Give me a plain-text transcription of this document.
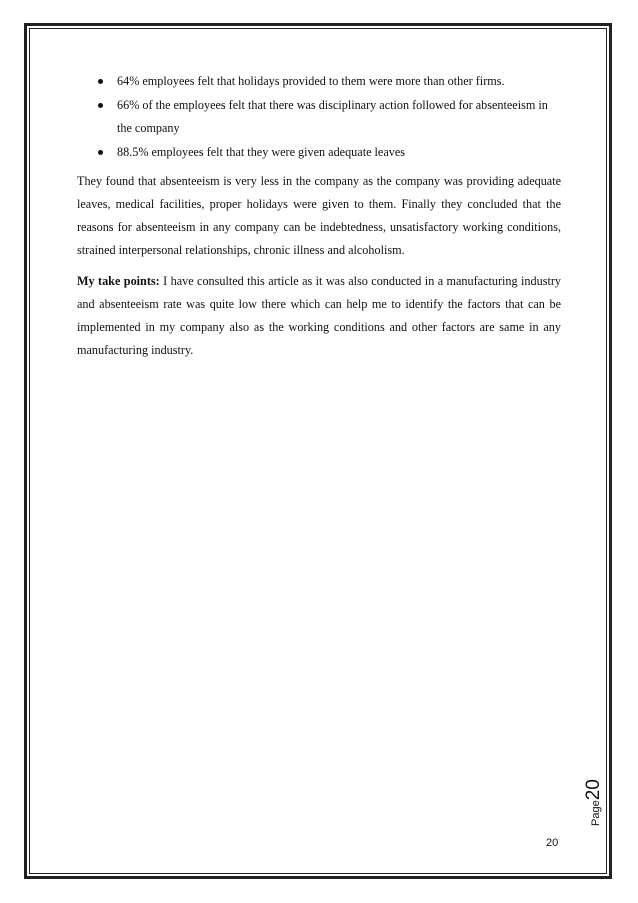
64% employees felt that holidays provided to them were more than other firms.
66% of the employees felt that there was disciplinary action followed for absenteeism in the company
88.5% employees felt that they were given adequate leaves

They found that absenteeism is very less in the company as the company was providing adequate leaves, medical facilities, proper holidays were given to them. Finally they concluded that the reasons for absenteeism in any company can be indebtedness, unsatisfactory working conditions, strained interpersonal relationships, chronic illness and alcoholism.

My take points: I have consulted this article as it was also conducted in a manufacturing industry and absenteeism rate was quite low there which can help me to identify the factors that can be implemented in my company also as the working conditions and other factors are same in any manufacturing industry.

Page20
20
